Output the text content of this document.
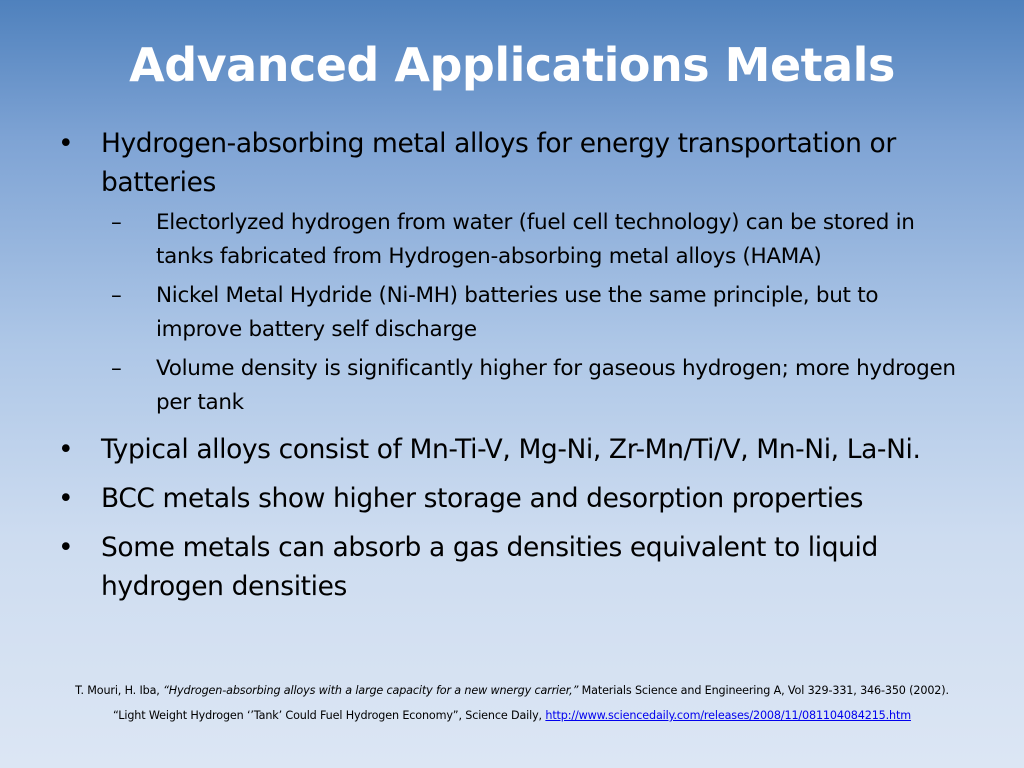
Advanced Applications Metals
• Hydrogen-absorbing metal alloys for energy transportation or batteries
–	Electorlyzed hydrogen from water (fuel cell technology) can be stored in tanks fabricated from Hydrogen-absorbing metal alloys (HAMA)
–	Nickel Metal Hydride (Ni-MH) batteries use the same principle, but to improve battery self discharge
–	Volume density is significantly higher for gaseous hydrogen; more hydrogen per tank
• Typical alloys consist of Mn-Ti-V, Mg-Ni, Zr-Mn/Ti/V, Mn-Ni, La-Ni.
• BCC metals show higher storage and desorption properties
• Some metals can absorb a gas densities equivalent to liquid hydrogen densities
T. Mouri, H. Iba, “Hydrogen-absorbing alloys with a large capacity for a new wnergy carrier,” Materials Science and Engineering A, Vol 329-331, 346-350 (2002).
“Light Weight Hydrogen ‘’Tank’ Could Fuel Hydrogen Economy”, Science Daily, http://www.sciencedaily.com/releases/2008/11/081104084215.htm
